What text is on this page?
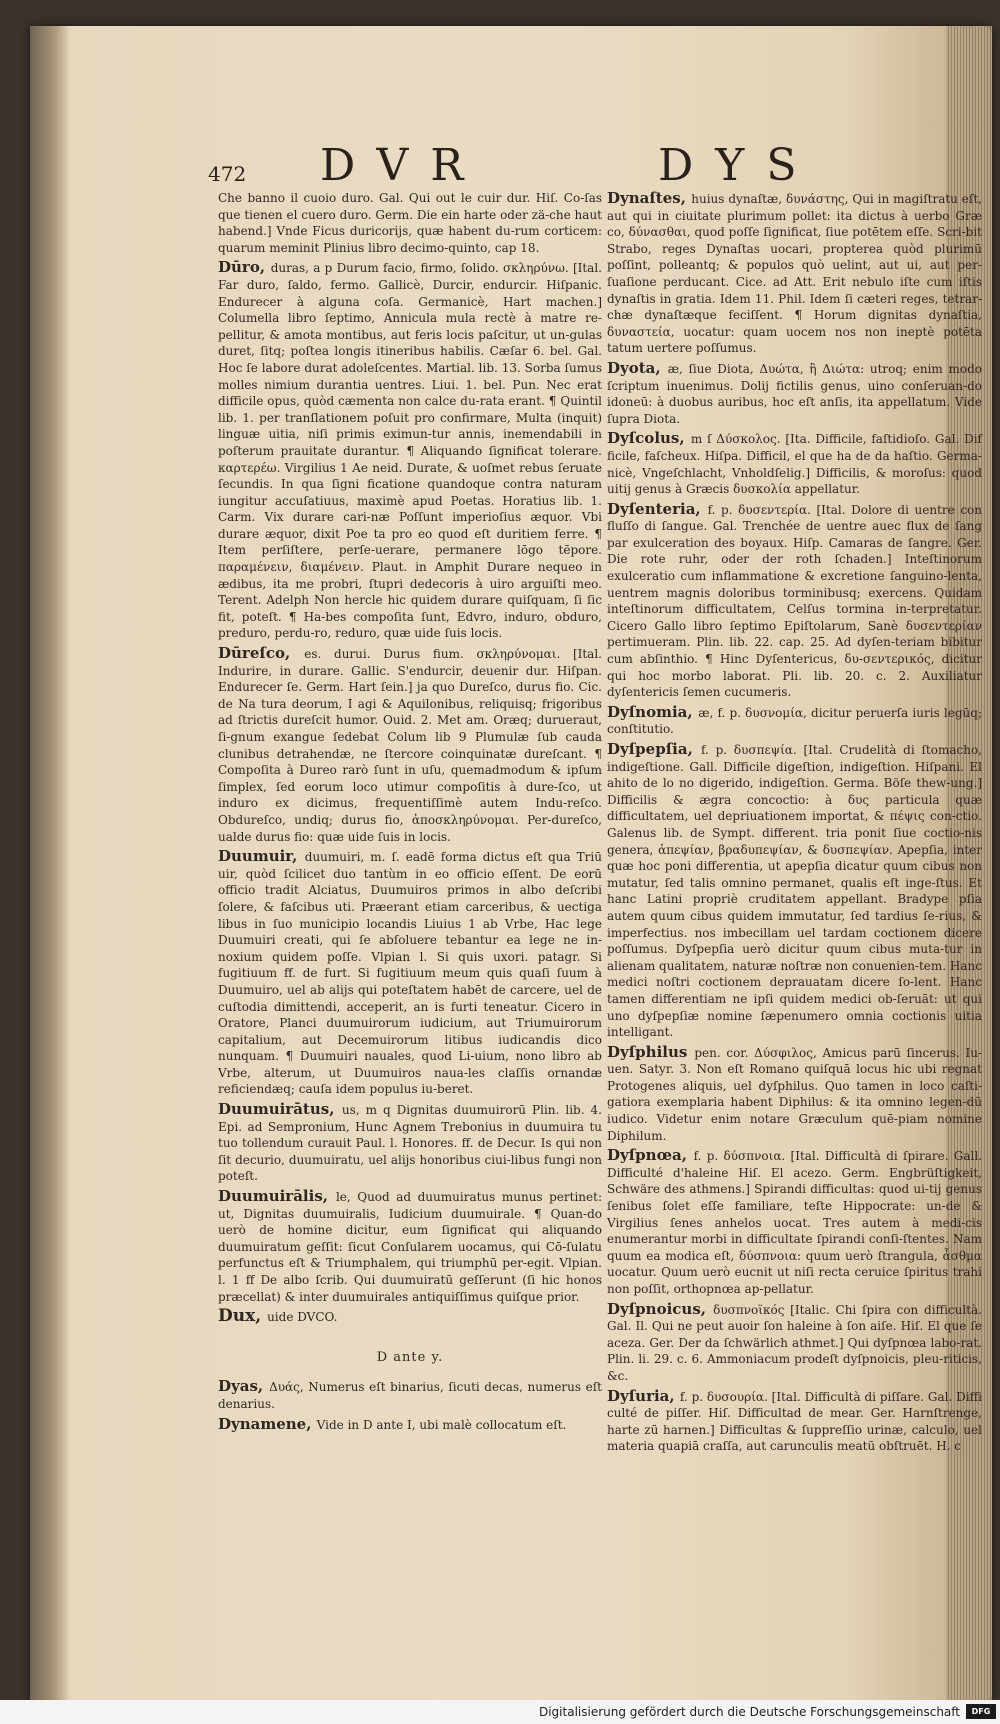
472 DVR	DYS
Che banno il cuoio duro. Gal. Qui out le cuir dur. Hiſ. Co-ſas que tienen el cuero duro. Germ. Die ein harte oder zä-che haut habend.] Vnde Ficus duricorijs, quæ habent du-rum corticem: quarum meminit Plinius libro decimo-quinto, cap 18.
Dūro, duras, a p Durum facio, firmo, ſolido. σκληρύνω. [Ital. Far duro, ſaldo, fermo. Gallicè, Durcir, endurcir. Hiſpanic. Endurecer à alguna coſa. Germanicè, Hart machen.] Columella libro ſeptimo, Annicula mula rectè à matre re-pellitur, & amota montibus, aut feris locis paſcitur, ut un-gulas duret, ſitq; poſtea longis itineribus habilis. Cæſar 6. bel. Gal. Hoc ſe labore durat adoleſcentes. Martial. lib. 13. Sorba ſumus molles nimium durantia uentres. Liui. 1. bel. Pun. Nec erat difficile opus, quòd cæmenta non calce du-rata erant. ¶ Quintil lib. 1. per tranſlationem poſuit pro confirmare, Multa (inquit) linguæ uitia, niſi primis eximun-tur annis, inemendabili in poſterum prauitate durantur. ¶ Aliquando ſignificat tolerare. καρτερέω. Virgilius 1 Ae neid. Durate, & uoſmet rebus ſeruate ſecundis. In qua ſigni ficatione quandoque contra naturam iungitur accuſatiuus, maximè apud Poetas. Horatius lib. 1. Carm. Vix durare cari-næ Poſſunt imperioſius æquor. Vbi durare æquor, dixit Poe ta pro eo quod eſt duritiem ferre. ¶ Item perſiſtere, perſe-uerare, permanere lōgo tēpore. παραμένειν, διαμένειν. Plaut. in Amphit Durare nequeo in ædibus, ita me probri, ſtupri dedecoris à uiro arguiſti meo. Terent. Adelph Non hercle hic quidem durare quiſquam, ſi ſic fit, poteſt. ¶ Ha-bes compoſita ſunt, Edvro, induro, obduro, preduro, perdu-ro, reduro, quæ uide ſuis locis.
Dūreſco, es. durui. Durus fium. σκληρύνομαι. [Ital. Indurire, in durare. Gallic. S'endurcir, deuenir dur. Hiſpan. Endurecer ſe. Germ. Hart ſein.] ja quo Dureſco, durus fio. Cic. de Na tura deorum, I agi & Aquilonibus, reliquisq; frigoribus ad ſtrictis dureſcit humor. Ouid. 2. Met am. Oræq; durueraut, ſi-gnum exangue ſedebat Colum lib 9 Plumulæ ſub cauda clunibus detrahendæ, ne ſtercore coinquinatæ dureſcant. ¶ Compoſita à Dureo rarò ſunt in uſu, quemadmodum & ipſum ſimplex, ſed eorum loco utimur compoſitis à dure-ſco, ut induro ex dicimus, frequentiſſimè autem Indu-reſco. Obdureſco, undiq; durus fio, ἀποσκληρύνομαι. Per-dureſco, ualde durus fio: quæ uide ſuis in locis.
Duumuir, duumuiri, m. ſ. eadē forma dictus eſt qua Triū uir, quòd ſcilicet duo tantùm in eo officio eſſent. De eorū officio tradit Alciatus, Duumuiros primos in albo deſcribi ſolere, & faſcibus uti. Præerant etiam carceribus, & uectiga libus in ſuo municipio locandis Liuius 1 ab Vrbe, Hac lege Duumuiri creati, qui ſe abſoluere tebantur ea lege ne in-noxium quidem poſſe. Vlpian l. Si quis uxori. patagr. Si fugitiuum ff. de furt. Si fugitiuum meum quis quaſi ſuum à Duumuiro, uel ab alijs qui poteſtatem habēt de carcere, uel de cuſtodia dimittendi, acceperit, an is furti teneatur. Cicero in Oratore, Planci duumuirorum iudicium, aut Triumuirorum capitalium, aut Decemuirorum litibus iudicandis dico nunquam. ¶ Duumuiri nauales, quod Li-uium, nono libro ab Vrbe, alterum, ut Duumuiros naua-les claſſis ornandæ reficiendæq; cauſa idem populus iu-beret.
Duumuirātus, us, m q Dignitas duumuirorū Plin. lib. 4. Epi. ad Sempronium, Hunc Agnem Trebonius in duumuira tu tuo tollendum curauit Paul. l. Honores. ff. de Decur. Is qui non ſit decurio, duumuiratu, uel alijs honoribus ciui-libus fungi non poteſt.
Duumuirālis, le, Quod ad duumuiratus munus pertinet: ut, Dignitas duumuiralis, Iudicium duumuirale. ¶ Quan-do uerò de homine dicitur, eum ſignificat qui aliquando duumuiratum geſſit: ſicut Conſularem uocamus, qui Cō-ſulatu perfunctus eſt & Triumphalem, qui triumphū per-egit. Vlpian. l. 1 ff De albo ſcrib. Qui duumuiratū geſſerunt (ſi hic honos præcellat) & inter duumuirales antiquiſſimus quiſque prior.
Dux, uide DVCO.
D ante y.
Dyas, Δυάς, Numerus eſt binarius, ſicuti decas, numerus eſt denarius.
Dynamene, Vide in D ante I, ubi malè collocatum eſt.
Dynaſtes, huius dynaſtæ, δυνάστης, Qui in magiſtratu eſt, aut qui in ciuitate plurimum pollet: ita dictus à uerbo Græ co, δύνασθαι, quod poſſe ſignificat, ſiue potētem eſſe. Scri-bit Strabo, reges Dynaſtas uocari, propterea quòd plurimū poſſint, polleantq; & populos quò uelint, aut ui, aut per-ſuaſione perducant. Cice. ad Att. Erit nebulo iſte cum iſtis dynaſtis in gratia. Idem 11. Phil. Idem ſi cæteri reges, tetrar-chæ dynaſtæque feciſſent. ¶ Horum dignitas dynaſtia, δυναστεία, uocatur: quam uocem nos non ineptè potēta tatum uertere poſſumus.
Dyota, æ, ſiue Diota, Δυώτα, ἢ Διώτα: utroq; enim modo ſcriptum inuenimus. Dolij fictilis genus, uino conſeruan-do idoneū: à duobus auribus, hoc eſt anſis, ita appellatum. Vide ſupra Diota.
Dyſcolus, m ſ Δύσκολος. [Ita. Difficile, faſtidioſo. Gal. Dif ficile, faſcheux. Hiſpa. Difficil, el que ha de da haſtio. Germa-nicè, Vngeſchlacht, Vnholdſelig.] Difficilis, & moroſus: quod uitij genus à Græcis δυσκολία appellatur.
Dyſenteria, f. p. δυσεντερία. [Ital. Dolore di uentre con fluſſo di ſangue. Gal. Trenchée de uentre auec flux de ſang par exulceration des boyaux. Hiſp. Camaras de ſangre. Ger. Die rote ruhr, oder der roth ſchaden.] Inteſtinorum exulceratio cum inflammatione & excretione ſanguino-lenta, uentrem magnis doloribus torminibusq; exercens. Quidam inteſtinorum difficultatem, Celſus tormina in-terpretatur. Cicero Gallo libro ſeptimo Epiſtolarum, Sanè δυσεντερίαν pertimueram. Plin. lib. 22. cap. 25. Ad dyſen-teriam bibitur cum abſinthio. ¶ Hinc Dyſentericus, δυ-σεντερικός, dicitur qui hoc morbo laborat. Pli. lib. 20. c. 2. Auxiliatur dyſentericis ſemen cucumeris.
Dyſnomia, æ, f. p. δυσνομία, dicitur peruerſa iuris legūq; conſtitutio.
Dyſpepſia, f. p. δυσπεψία. [Ital. Crudelità di ſtomacho, indigeſtione. Gall. Difficile digeſtion, indigeſtion. Hiſpani. El ahito de lo no digerido, indigeſtion. Germa. Böſe thew-ung.] Difficilis & ægra concoctio: à δυς particula quæ difficultatem, uel depriuationem importat, & πέψις con-ctio. Galenus lib. de Sympt. different. tria ponit ſiue coctio-nis genera, ἀπεψίαν, βραδυπεψίαν, & δυσπεψίαν. Apepſia, inter quæ hoc poni differentia, ut apepſia dicatur quum cibus non mutatur, ſed talis omnino permanet, qualis eſt inge-ſtus. Et hanc Latini propriè cruditatem appellant. Bradype pſia autem quum cibus quidem immutatur, ſed tardius ſe-rius, & imperfectius. nos imbecillam uel tardam coctionem dicere poſſumus. Dyſpepſia uerò dicitur quum cibus muta-tur in alienam qualitatem, naturæ noſtræ non conuenien-tem. Hanc medici noſtri coctionem deprauatam dicere ſo-lent. Hanc tamen differentiam ne ipſi quidem medici ob-ſeruāt: ut qui uno dyſpepſiæ nomine ſæpenumero omnia coctionis uitia intelligant.
Dyſphilus pen. cor. Δύσφιλος, Amicus parū ſincerus. Iu-uen. Satyr. 3. Non eſt Romano quiſquā locus hic ubi regnat Protogenes aliquis, uel dyſphilus. Quo tamen in loco caſti-gatiora exemplaria habent Diphilus: & ita omnino legen-dū iudico. Videtur enim notare Græculum quē-piam nomine Diphilum.
Dyſpnœa, f. p. δύσπνοια. [Ital. Difficultà di ſpirare. Gall. Difficulté d'haleine Hiſ. El acezo. Germ. Engbrüſtigkeit, Schwäre des athmens.] Spirandi difficultas: quod ui-tij genus ſenibus ſolet eſſe familiare, teſte Hippocrate: un-de & Virgilius ſenes anhelos uocat. Tres autem à medi-cis enumerantur morbi in difficultate ſpirandi conſi-ſtentes. Nam quum ea modica eſt, δύσπνοια: quum uerò ſtrangula, ἆσθμα uocatur. Quum uerò eucnit ut niſi recta ceruice ſpiritus trahi non poſſit, orthopnœa ap-pellatur.
Dyſpnoicus, δυσπνοϊκός [Italic. Chi ſpira con difficultà. Gal. Il. Qui ne peut auoir ſon haleine à ſon aiſe. Hiſ. El que ſe aceza. Ger. Der da ſchwärlich athmet.] Qui dyſpnœa labo-rat. Plin. li. 29. c. 6. Ammoniacum prodeſt dyſpnoicis, pleu-riticis, &c.
Dyſuria, f. p. δυσουρία. [Ital. Difficultà di piſſare. Gal. Diffi culté de piſſer. Hiſ. Difficultad de mear. Ger. Harnſtrenge, harte zū harnen.] Difficultas & ſuppreſſio urinæ, calculo, uel materia quapiā craſſa, aut carunculis meatū obſtruēt. H. c
Digitalisierung gefördert durch die Deutsche Forschungsgemeinschaft	DFG
